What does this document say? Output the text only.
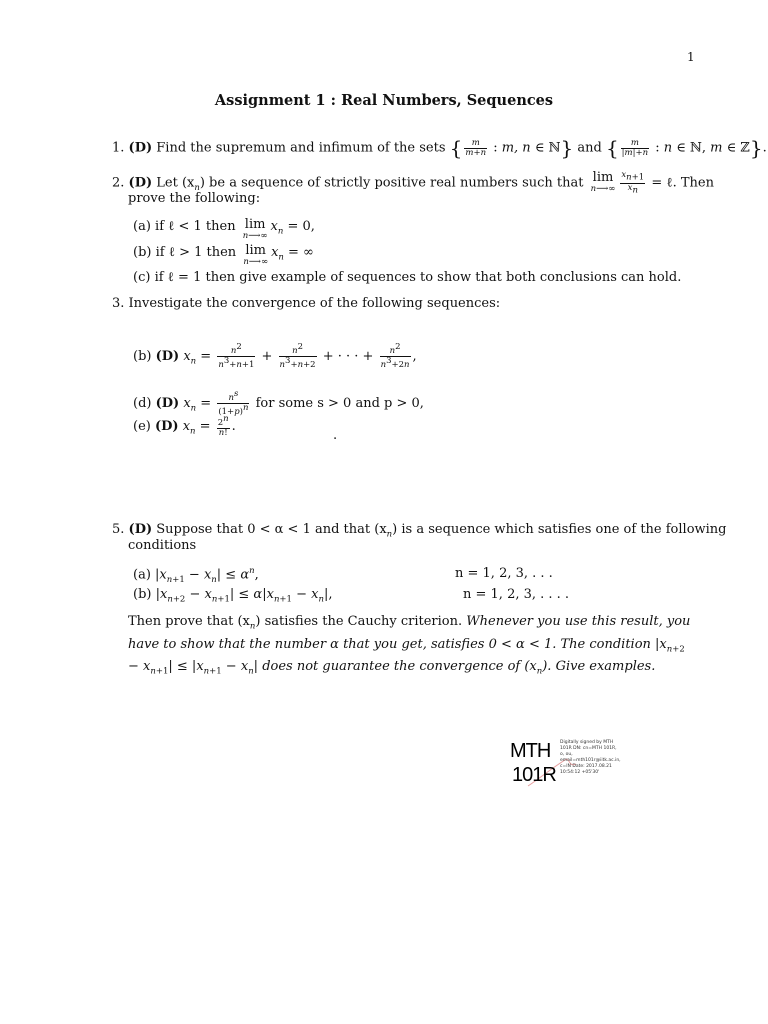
1
Assignment 1 : Real Numbers, Sequences
1. (D) Find the supremum and infimum of the sets { $\frac{m}{m+n}$ : m, n ∈ ℕ} and { $\frac{m}{|m|+n}$ : n ∈ ℕ, m ∈ ℤ}.
2. (D) Let $(x_n)$ be a sequence of strictly positive real numbers such that lim
n⟶∞ $\frac{x_{n+1}}{x_n}$ = ℓ. Then
prove the following:
(a) if ℓ < 1 then lim
n⟶∞
$x_n = 0$,
(b) if ℓ > 1 then lim
n⟶∞
$x_n$ = ∞
(c) if ℓ = 1 then give example of sequences to show that both conclusions can hold.
3. Investigate the convergence of the following sequences:
(b) (D) $x_n = \frac{n^2}{n^3+n+1} + \frac{n^2}{n^3+n+2}$ + · · · + $\frac{n^2}{n^3+2n}$ ,
(d) (D) $x_n = \frac{n^s}{(1+p)^n}$ for some s > 0 and p > 0,
(e) (D) $x_n = \frac{2^n}{n!}$ .
.
5. (D) Suppose that 0 < α < 1 and that $(x_n)$ is a sequence which satisfies one of the following
conditions
(a) $|x_{n+1} - x_n| \le \alpha^n$,	n = 1, 2, 3, . . .
(b) $|x_{n+2} - x_{n+1}| \le \alpha|x_{n+1} - x_n|$,	n = 1, 2, 3, . . . .
Then prove that $(x_n)$ satisfies the Cauchy criterion. Whenever you use this result, you have to show that the number α that you get, satisfies 0 < α < 1. The condition $|x_{n+2} - x_{n+1}| \le |x_{n+1} - x_n|$ does not guarantee the convergence of $(x_n)$. Give examples.
MTH
101R
Digitally signed by MTH 101R DN: cn=MTH 101R, o, ou, email=mth101r@iitk.ac.in, c=IN Date: 2017.08.21 10:54:12 +05'30'
